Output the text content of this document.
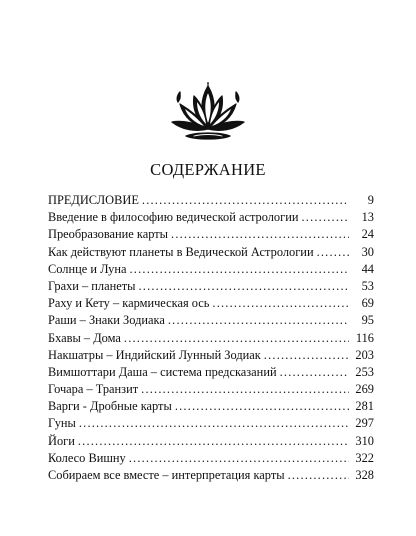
СОДЕРЖАНИЕ
ПРЕДИСЛОВИЕ .....	9
Введение в философию ведической астрологии .....	13
Преобразование карты .....	24
Как действуют планеты в Ведической Астрологии .....	30
Солнце и Луна .....	44
Грахи – планеты .....	53
Раху и Кету – кармическая ось .....	69
Раши – Знаки Зодиака .....	95
Бхавы – Дома .....	116
Накшатры – Индийский Лунный Зодиак .....	203
Вимшоттари Даша – система предсказаний .....	253
Гочара – Транзит .....	269
Варги - Дробные карты .....	281
Гуны .....	297
Йоги .....	310
Колесо Вишну .....	322
Собираем все вместе – интерпретация карты .....	328
